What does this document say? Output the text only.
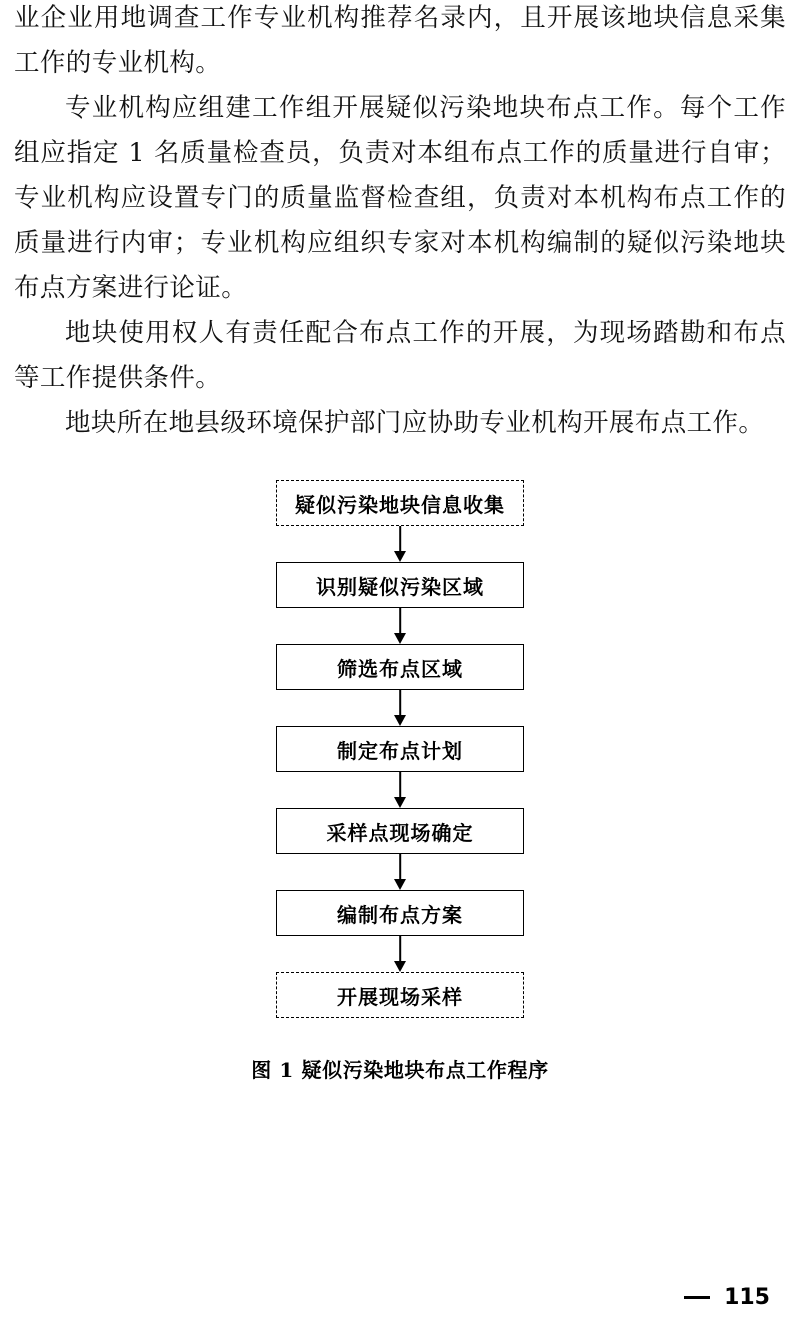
业企业用地调查工作专业机构推荐名录内，且开展该地块信息采集工作的专业机构。
专业机构应组建工作组开展疑似污染地块布点工作。每个工作组应指定 1 名质量检查员，负责对本组布点工作的质量进行自审；专业机构应设置专门的质量监督检查组，负责对本机构布点工作的质量进行内审；专业机构应组织专家对本机构编制的疑似污染地块布点方案进行论证。
地块使用权人有责任配合布点工作的开展，为现场踏勘和布点等工作提供条件。
地块所在地县级环境保护部门应协助专业机构开展布点工作。
疑似污染地块信息收集
识别疑似污染区域
筛选布点区域
制定布点计划
采样点现场确定
编制布点方案
开展现场采样
图 1 疑似污染地块布点工作程序
115
